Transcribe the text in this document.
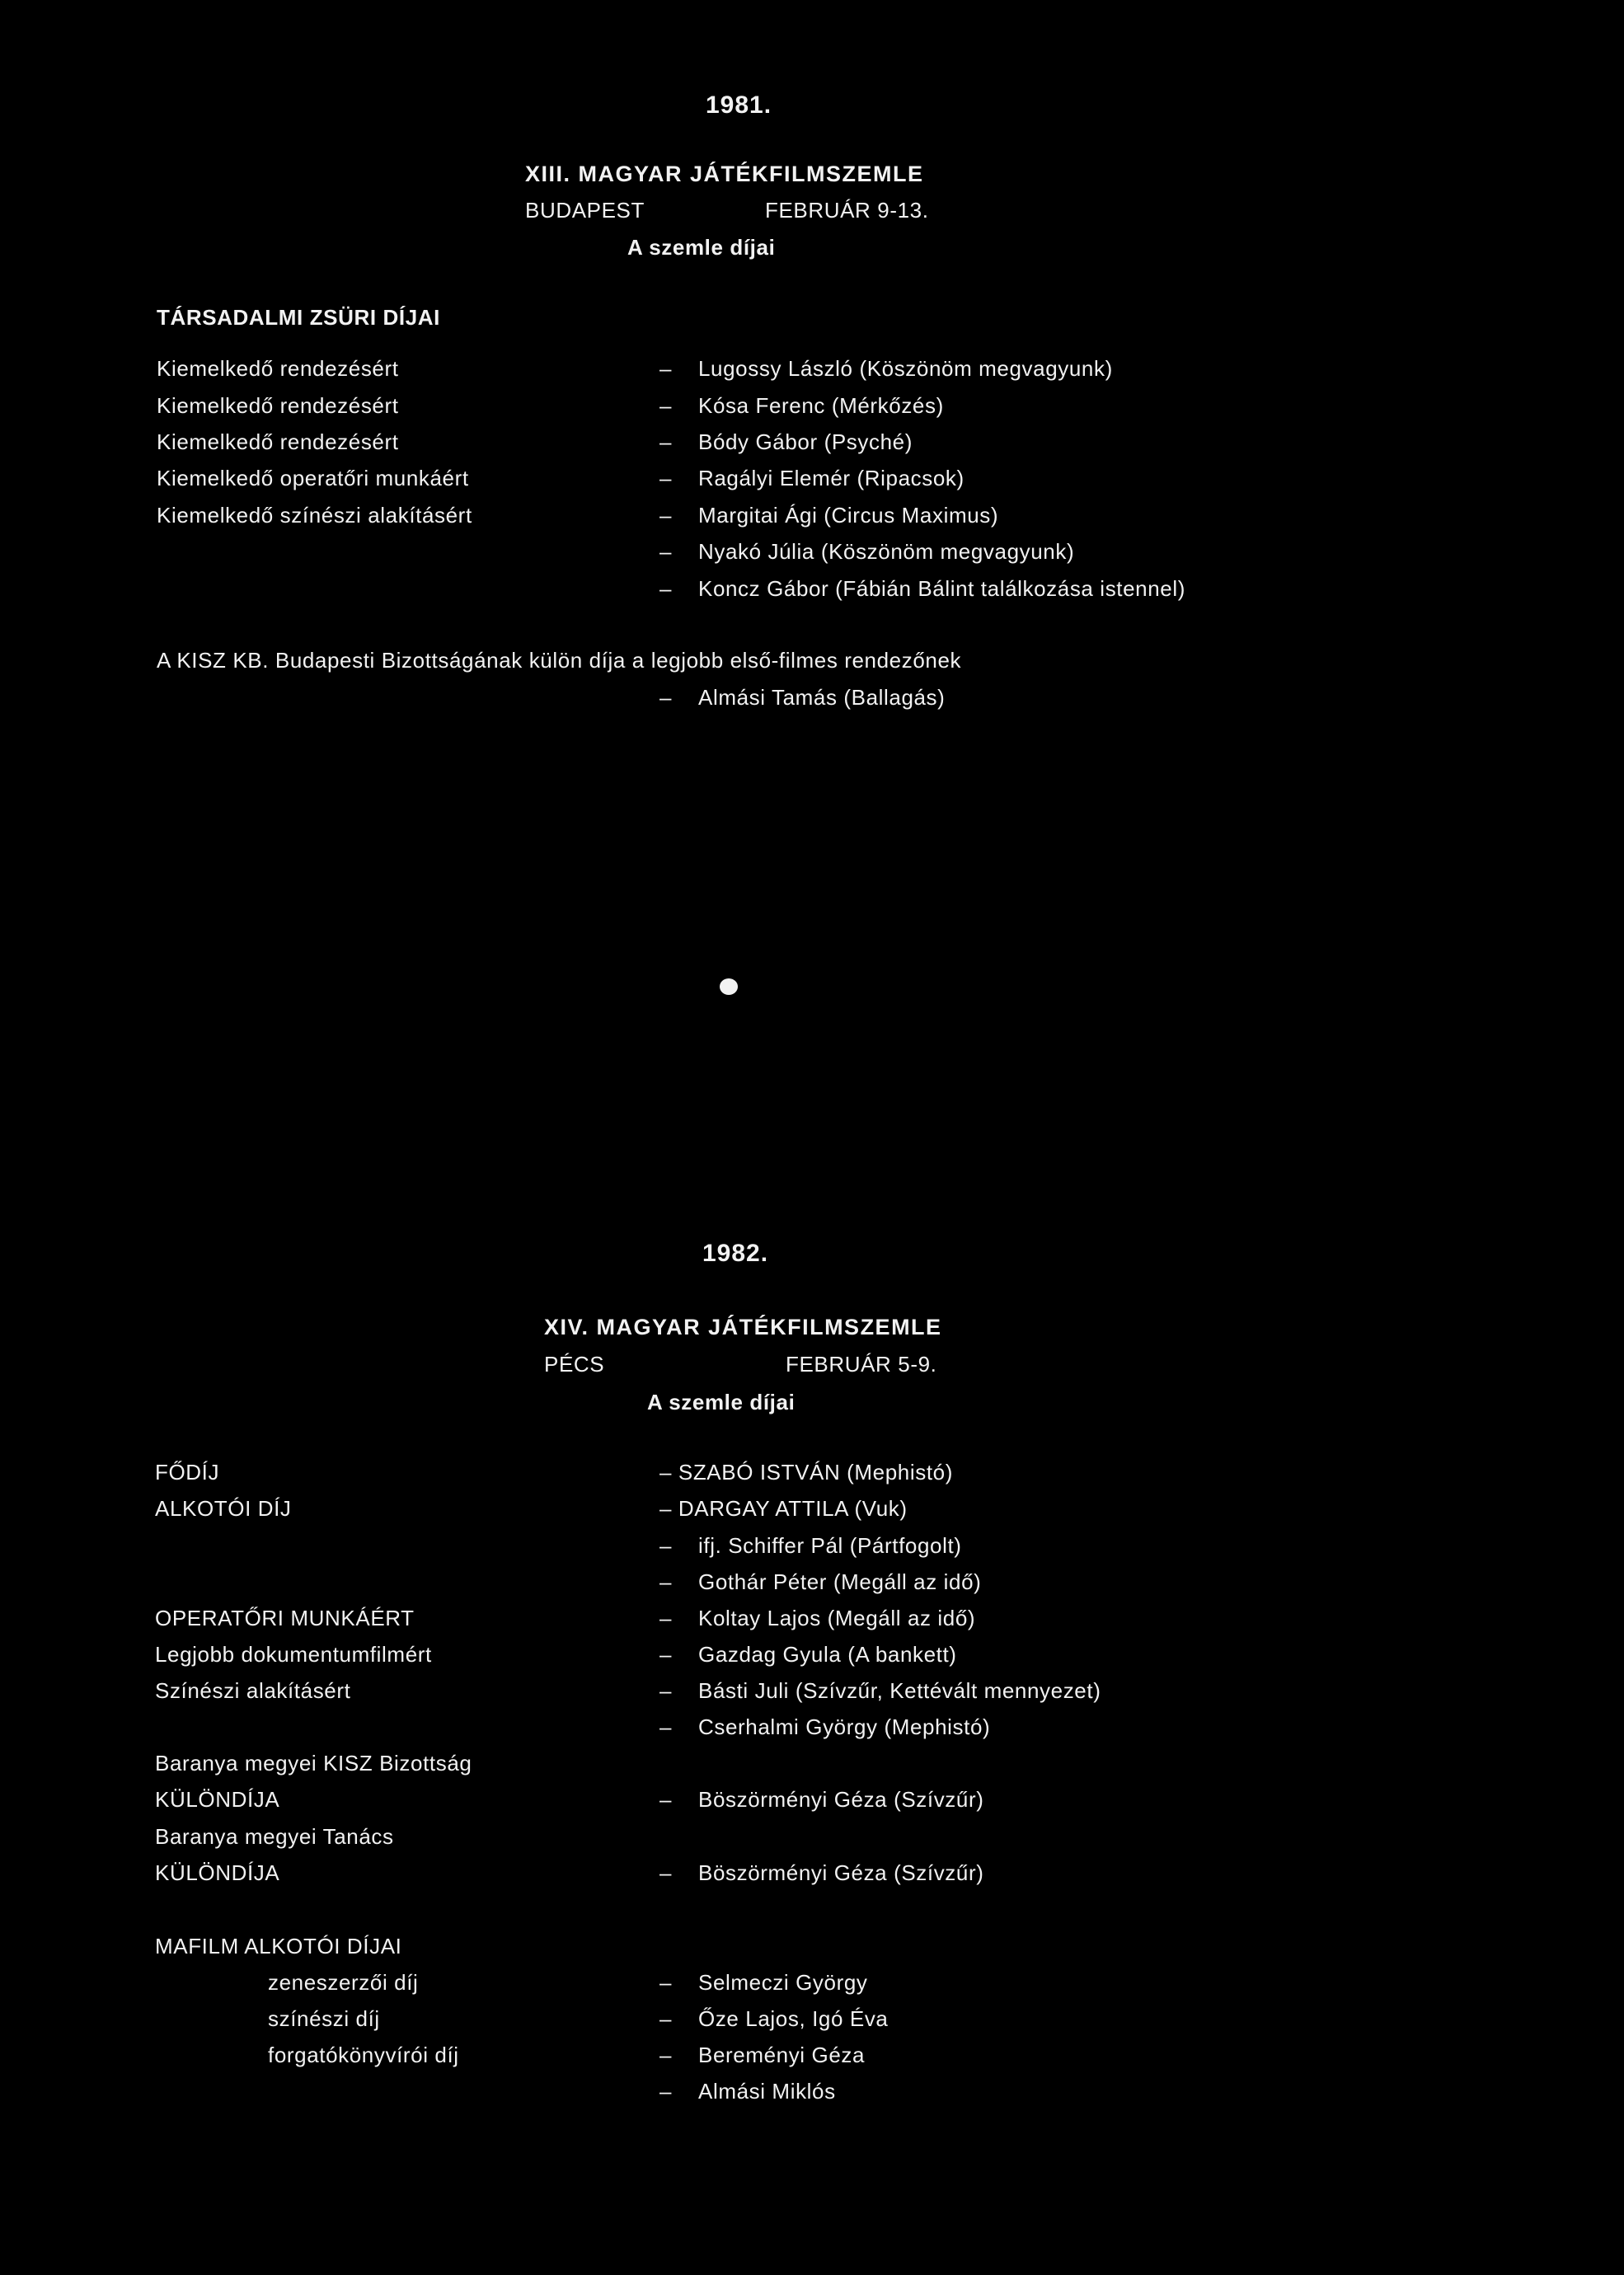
1981.
XIII. MAGYAR JÁTÉKFILMSZEMLE
BUDAPEST	FEBRUÁR 9-13.
A szemle díjai
TÁRSADALMI ZSÜRI DÍJAI
Kiemelkedő rendezésért
Kiemelkedő rendezésért
Kiemelkedő rendezésért
Kiemelkedő operatőri munkáért
Kiemelkedő színészi alakításért
– Lugossy László (Köszönöm megvagyunk)
– Kósa Ferenc (Mérkőzés)
– Bódy Gábor (Psyché)
– Ragályi Elemér (Ripacsok)
– Margitai Ági (Circus Maximus)
– Nyakó Júlia (Köszönöm megvagyunk)
– Koncz Gábor (Fábián Bálint találkozása istennel)
A KISZ KB. Budapesti Bizottságának külön díja a legjobb első-filmes rendezőnek
– Almási Tamás (Ballagás)
1982.
XIV. MAGYAR JÁTÉKFILMSZEMLE
PÉCS	FEBRUÁR 5-9.
A szemle díjai
FŐDÍJ
ALKOTÓI DÍJ
OPERATŐRI MUNKÁÉRT
Legjobb dokumentumfilmért
Színészi alakításért
Baranya megyei KISZ Bizottság
KÜLÖNDÍJA
Baranya megyei Tanács
KÜLÖNDÍJA
– SZABÓ ISTVÁN (Mephistó)
– DARGAY ATTILA (Vuk)
– ifj. Schiffer Pál (Pártfogolt)
– Gothár Péter (Megáll az idő)
– Koltay Lajos (Megáll az idő)
– Gazdag Gyula (A bankett)
– Básti Juli (Szívzűr, Kettévált mennyezet)
– Cserhalmi György (Mephistó)
– Böszörményi Géza (Szívzűr)
– Böszörményi Géza (Szívzűr)
MAFILM ALKOTÓI DÍJAI
zeneszerzői díj
színészi díj
forgatókönyvírói díj
– Selmeczi György
– Őze Lajos, Igó Éva
– Bereményi Géza
– Almási Miklós
